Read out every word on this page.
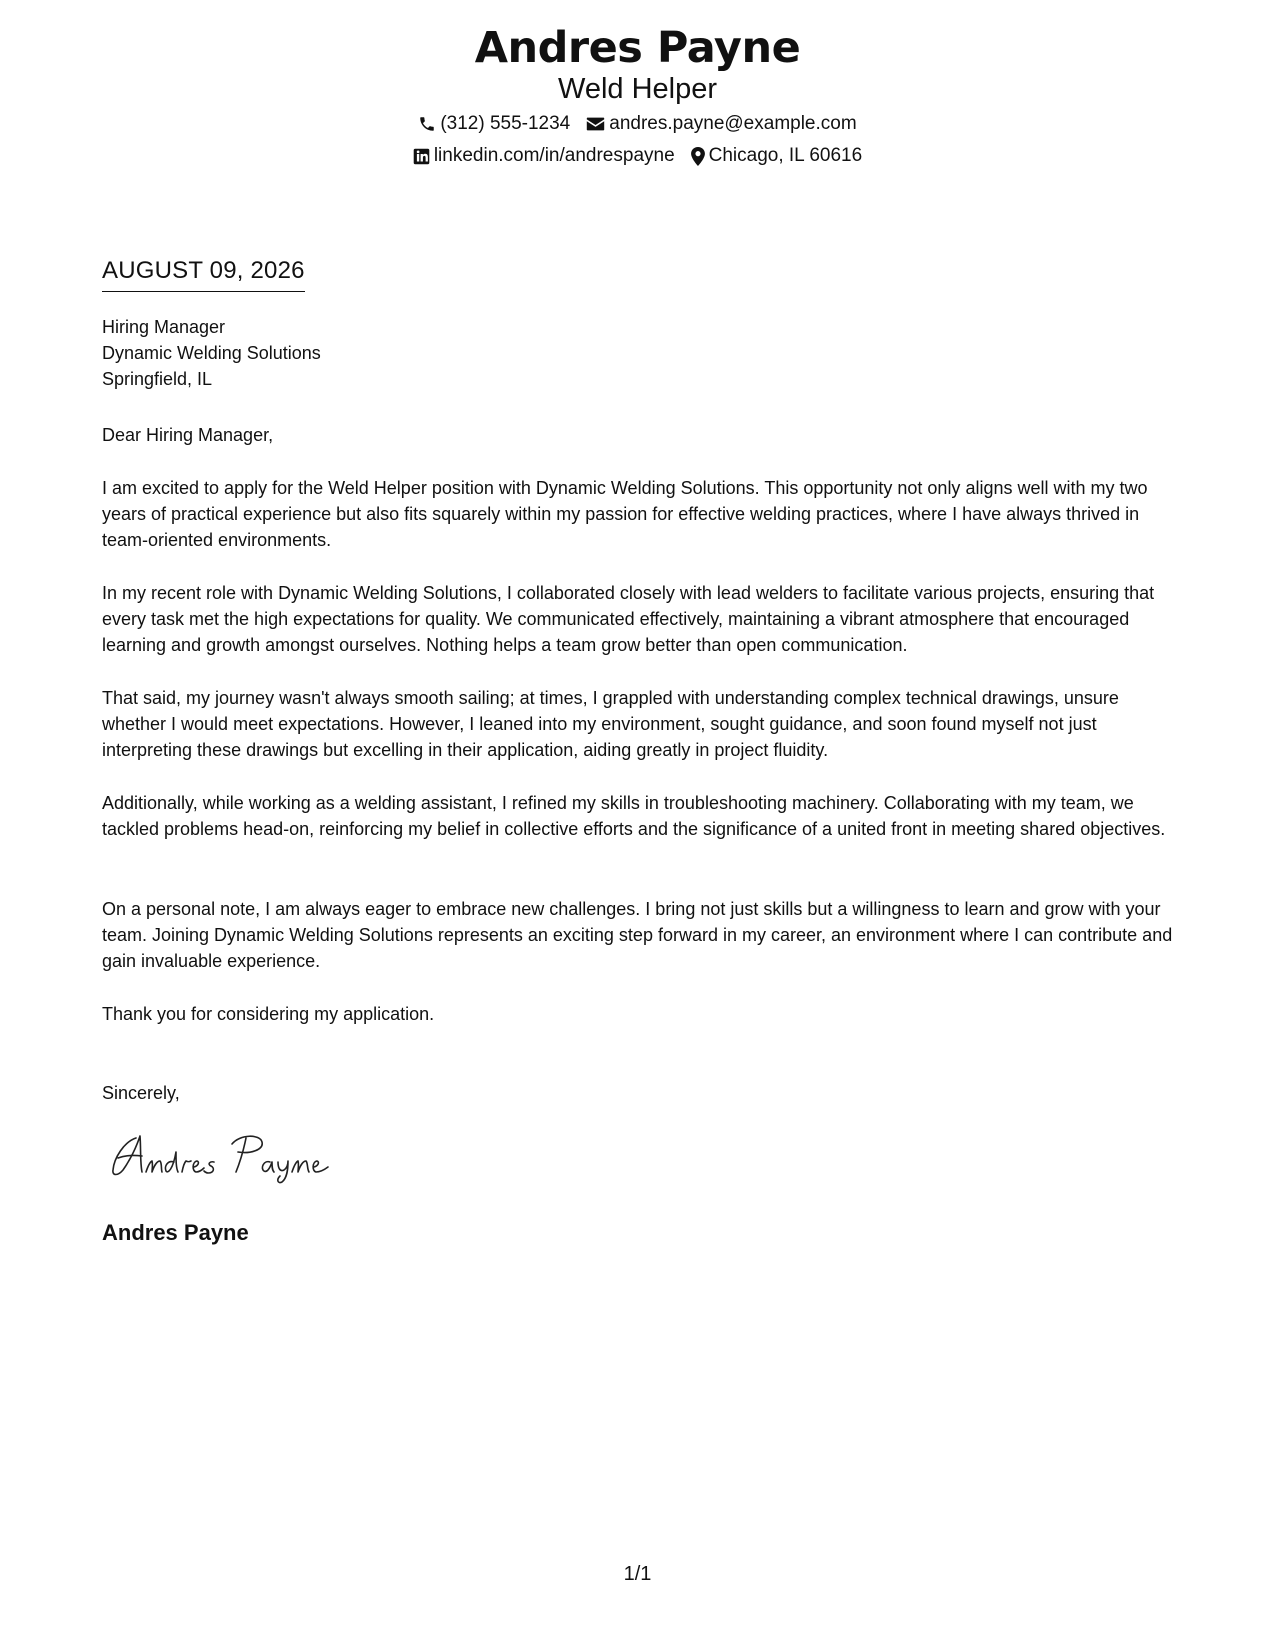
Andres Payne
Weld Helper
(312) 555-1234 andres.payne@example.com
linkedin.com/in/andrespayne Chicago, IL 60616
AUGUST 09, 2026
Hiring Manager
Dynamic Welding Solutions
Springfield, IL

Dear Hiring Manager,

I am excited to apply for the Weld Helper position with Dynamic Welding Solutions. This opportunity not only aligns well with my two years of practical experience but also fits squarely within my passion for effective welding practices, where I have always thrived in team-oriented environments.

In my recent role with Dynamic Welding Solutions, I collaborated closely with lead welders to facilitate various projects, ensuring that every task met the high expectations for quality. We communicated effectively, maintaining a vibrant atmosphere that encouraged learning and growth amongst ourselves. Nothing helps a team grow better than open communication.

That said, my journey wasn't always smooth sailing; at times, I grappled with understanding complex technical drawings, unsure whether I would meet expectations. However, I leaned into my environment, sought guidance, and soon found myself not just interpreting these drawings but excelling in their application, aiding greatly in project fluidity.

Additionally, while working as a welding assistant, I refined my skills in troubleshooting machinery. Collaborating with my team, we tackled problems head-on, reinforcing my belief in collective efforts and the significance of a united front in meeting shared objectives.

On a personal note, I am always eager to embrace new challenges. I bring not just skills but a willingness to learn and grow with your team. Joining Dynamic Welding Solutions represents an exciting step forward in my career, an environment where I can contribute and gain invaluable experience.

Thank you for considering my application.

Sincerely,

Andres Payne
1/1
